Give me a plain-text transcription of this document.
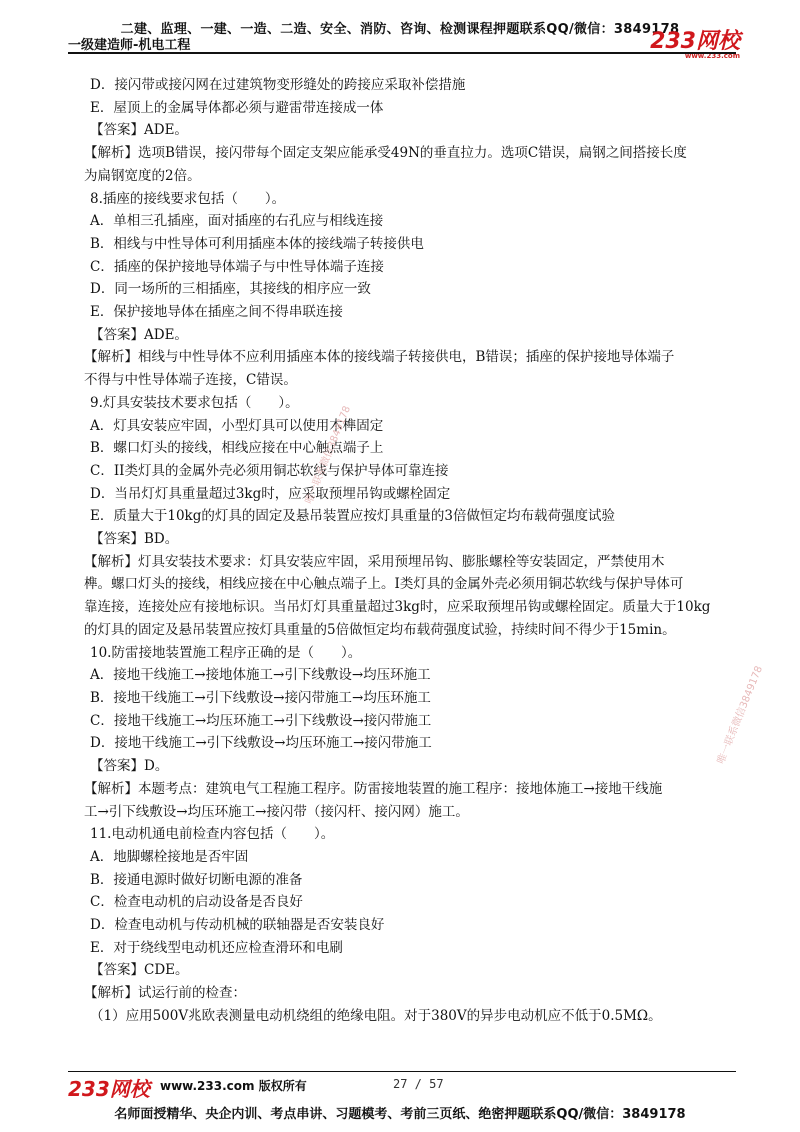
二建、监理、一建、一造、二造、安全、消防、咨询、检测课程押题联系QQ/微信：3849178
一级建造师-机电工程	233网校
www.233.com
D．接闪带或接闪网在过建筑物变形缝处的跨接应采取补偿措施
E．屋顶上的金属导体都必须与避雷带连接成一体
【答案】ADE。
【解析】选项B错误，接闪带每个固定支架应能承受49N的垂直拉力。选项C错误，扁钢之间搭接长度
为扁钢宽度的2倍。
8.插座的接线要求包括（　　）。
A．单相三孔插座，面对插座的右孔应与相线连接
B．相线与中性导体可利用插座本体的接线端子转接供电
C．插座的保护接地导体端子与中性导体端子连接
D．同一场所的三相插座，其接线的相序应一致
E．保护接地导体在插座之间不得串联连接
【答案】ADE。
【解析】相线与中性导体不应利用插座本体的接线端子转接供电，B错误；插座的保护接地导体端子
不得与中性导体端子连接，C错误。
9.灯具安装技术要求包括（　　）。
A．灯具安装应牢固，小型灯具可以使用木榫固定
B．螺口灯头的接线，相线应接在中心触点端子上
C．II类灯具的金属外壳必须用铜芯软线与保护导体可靠连接
D．当吊灯灯具重量超过3kg时，应采取预埋吊钩或螺栓固定
E．质量大于10kg的灯具的固定及悬吊装置应按灯具重量的3倍做恒定均布载荷强度试验
【答案】BD。
【解析】灯具安装技术要求：灯具安装应牢固，采用预埋吊钩、膨胀螺栓等安装固定，严禁使用木
榫。螺口灯头的接线，相线应接在中心触点端子上。I类灯具的金属外壳必须用铜芯软线与保护导体可
靠连接，连接处应有接地标识。当吊灯灯具重量超过3kg时，应采取预埋吊钩或螺栓固定。质量大于10kg
的灯具的固定及悬吊装置应按灯具重量的5倍做恒定均布载荷强度试验，持续时间不得少于15min。
10.防雷接地装置施工程序正确的是（　　）。
A．接地干线施工→接地体施工→引下线敷设→均压环施工
B．接地干线施工→引下线敷设→接闪带施工→均压环施工
C．接地干线施工→均压环施工→引下线敷设→接闪带施工
D．接地干线施工→引下线敷设→均压环施工→接闪带施工
【答案】D。
【解析】本题考点：建筑电气工程施工程序。防雷接地装置的施工程序：接地体施工→接地干线施
工→引下线敷设→均压环施工→接闪带（接闪杆、接闪网）施工。
11.电动机通电前检查内容包括（　　）。
A．地脚螺栓接地是否牢固
B．接通电源时做好切断电源的准备
C．检查电动机的启动设备是否良好
D．检查电动机与传动机械的联轴器是否安装良好
E．对于绕线型电动机还应检查滑环和电刷
【答案】CDE。
【解析】试运行前的检查：
（1）应用500V兆欧表测量电动机绕组的绝缘电阻。对于380V的异步电动机应不低于0.5MΩ。
唯一联系微信3849178
唯一联系微信3849178
233网校 www.233.com 版权所有	27 / 57
名师面授精华、央企内训、考点串讲、习题模考、考前三页纸、绝密押题联系QQ/微信：3849178
